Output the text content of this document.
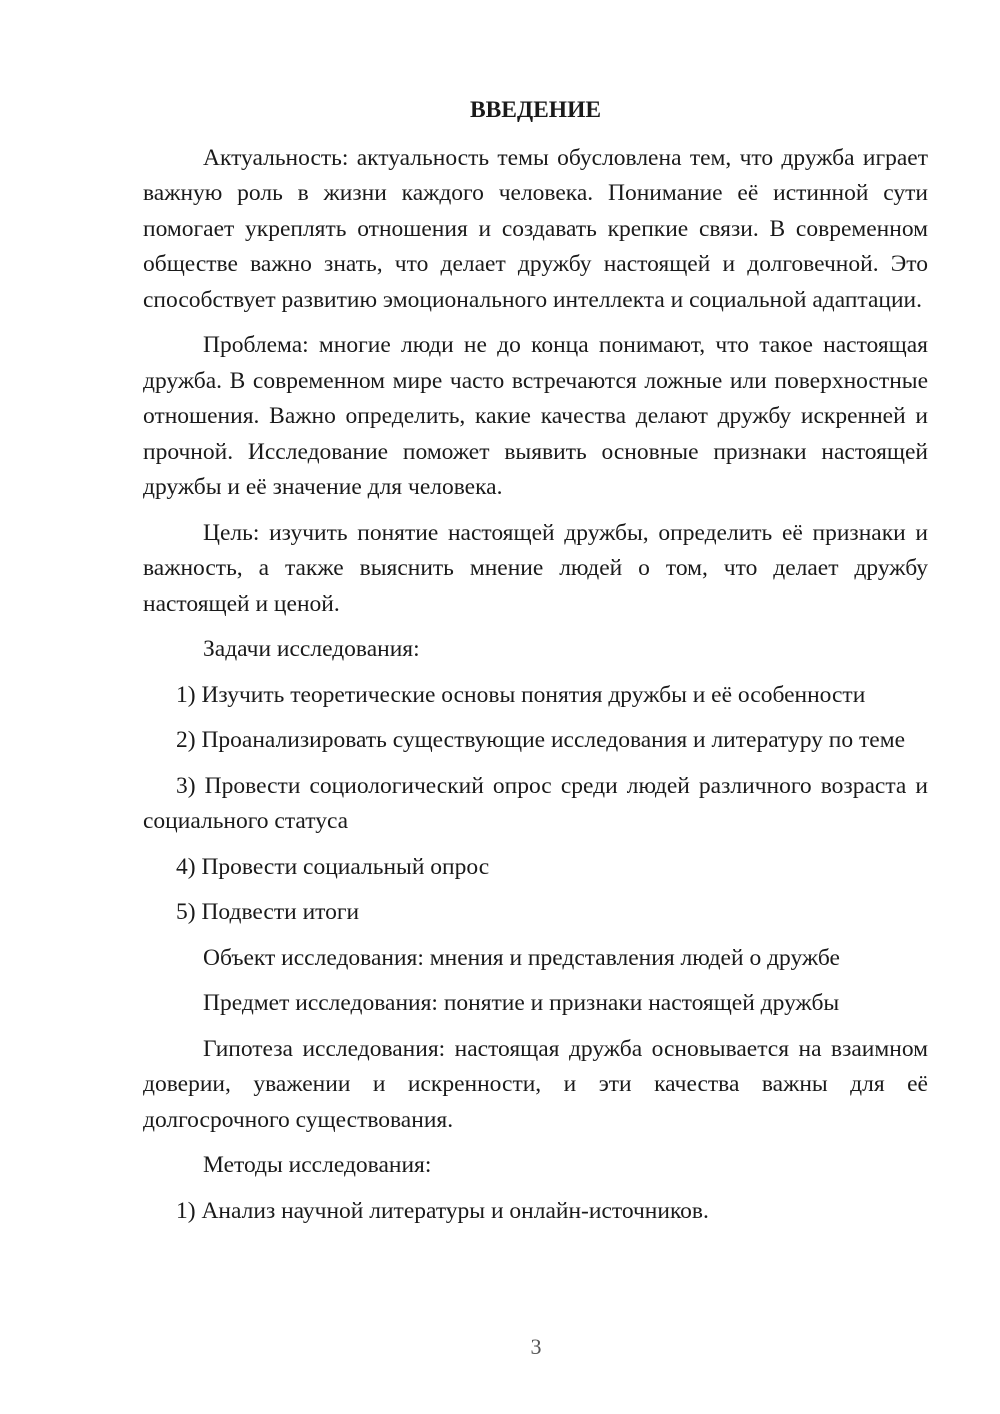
ВВЕДЕНИЕ

Актуальность: актуальность темы обусловлена тем, что дружба играет важную роль в жизни каждого человека. Понимание её истинной сути помогает укреплять отношения и создавать крепкие связи. В современном обществе важно знать, что делает дружбу настоящей и долговечной. Это способствует развитию эмоционального интеллекта и социальной адаптации.

Проблема: многие люди не до конца понимают, что такое настоящая дружба. В современном мире часто встречаются ложные или поверхностные отношения. Важно определить, какие качества делают дружбу искренней и прочной. Исследование поможет выявить основные признаки настоящей дружбы и её значение для человека.

Цель: изучить понятие настоящей дружбы, определить её признаки и важность, а также выяснить мнение людей о том, что делает дружбу настоящей и ценой.

Задачи исследования:

1) Изучить теоретические основы понятия дружбы и её особенности

2) Проанализировать существующие исследования и литературу по теме

3) Провести социологический опрос среди людей различного возраста и социального статуса

4) Провести социальный опрос

5) Подвести итоги

Объект исследования: мнения и представления людей о дружбе

Предмет исследования: понятие и признаки настоящей дружбы

Гипотеза исследования: настоящая дружба основывается на взаимном доверии, уважении и искренности, и эти качества важны для её долгосрочного существования.

Методы исследования:

1) Анализ научной литературы и онлайн-источников.

3
